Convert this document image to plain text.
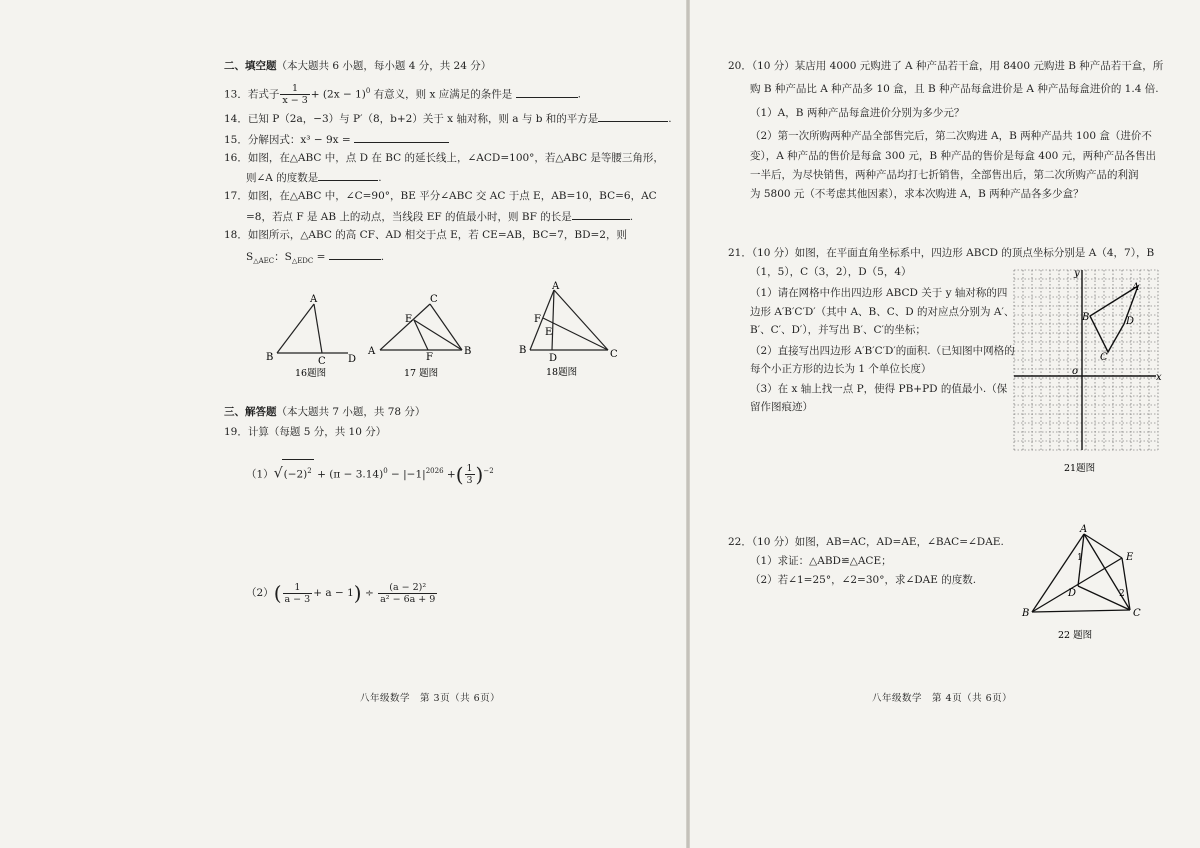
二、填空题（本大题共 6 小题，每小题 4 分，共 24 分）
13．若式子 $\frac{1}{x - 3} + (2x - 1)^0$ 有意义，则 x 应满足的条件是	.
14．已知 P（2a，−3）与 P′（8，b+2）关于 x 轴对称，则 a 与 b 和的平方是	.
15．分解因式：x³ − 9x =
16．如图，在△ABC 中，点 D 在 BC 的延长线上，∠ACD=100°，若△ABC 是等腰三角形，
则∠A 的度数是	.
17．如图，在△ABC 中，∠C=90°，BE 平分∠ABC 交 AC 于点 E，AB=10，BC=6，AC
=8，若点 F 是 AB 上的动点，当线段 EF 的值最小时，则 BF 的长是	.
18．如图所示，△ABC 的高 CF、AD 相交于点 E，若 CE=AB，BC=7，BD=2，则
$S_{\triangle AEC}$：$S_{\triangle EDC}$ =	.
A
B	C D
16题图
A	B
C
E
F
17 题图
A
B	C
D
E
F
18题图
三、解答题（本大题共 7 小题，共 78 分）
19．计算（每题 5 分，共 10 分）
$(1)√(-2)^2 + (\pi - 3.14)^0 - |-1|^{2026}$ +( $\frac{1}{3} )^{-2}$
$(2)( \frac{1}{a - 3} + a - 1) \div \frac{\text{(a − 2)²}}{\text{a² − 6a + 9}}$
八年级数学　第 3页（共 6页）
20．（10 分）某店用 4000 元购进了 A 种产品若干盒，用 8400 元购进 B 种产品若干盒，所
购 B 种产品比 A 种产品多 10 盒，且 B 种产品每盒进价是 A 种产品每盒进价的 1.4 倍.
（1）A，B 两种产品每盒进价分别为多少元？
（2）第一次所购两种产品全部售完后，第二次购进 A，B 两种产品共 100 盒（进价不
变），A 种产品的售价是每盒 300 元，B 种产品的售价是每盒 400 元，两种产品各售出
一半后，为尽快销售，两种产品均打七折销售，全部售出后，第二次所购产品的利润
为 5800 元（不考虑其他因素），求本次购进 A，B 两种产品各多少盒？
21．（10 分）如图，在平面直角坐标系中，四边形 ABCD 的顶点坐标分别是 A（4，7），B
（1，5），C（3，2），D（5，4）
（1）请在网格中作出四边形 ABCD 关于 y 轴对称的四
边形 A′B′C′D′（其中 A、B、C、D 的对应点分别为 A′、
B′、C′、D′），并写出 B′、C′的坐标；
（2）直接写出四边形 A′B′C′D′的面积.（已知图中网格的
每个小正方形的边长为 1 个单位长度）
（3）在 x 轴上找一点 P，使得 PB+PD 的值最小.（保
留作图痕迹）
y
x
o
A
B
C
D
21题图
22．（10 分）如图，AB=AC，AD=AE，∠BAC=∠DAE.
（1）求证：△ABD≌△ACE；
（2）若∠1=25°，∠2=30°，求∠DAE 的度数.
A
B	C
D
E
1
2
22 题图
八年级数学　第 4页（共 6页）
